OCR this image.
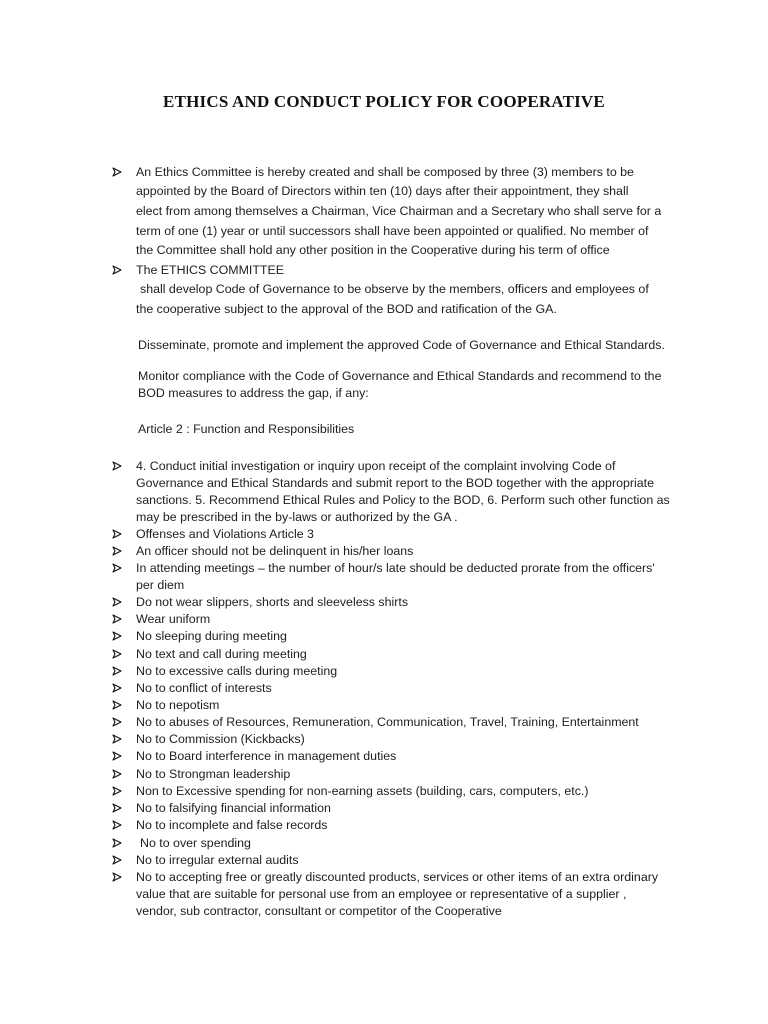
ETHICS AND CONDUCT POLICY FOR COOPERATIVE
An Ethics Committee is hereby created and shall be composed by three (3) members to be
appointed by the Board of Directors within ten (10) days after their appointment, they shall
elect from among themselves a Chairman, Vice Chairman and a Secretary who shall serve for a
term of one (1) year or until successors shall have been appointed or qualified. No member of
the Committee shall hold any other position in the Cooperative during his term of office
The ETHICS COMMITTEE
shall develop Code of Governance to be observe by the members, officers and employees of
the cooperative subject to the approval of the BOD and ratification of the GA.
Disseminate, promote and implement the approved Code of Governance and Ethical Standards.
Monitor compliance with the Code of Governance and Ethical Standards and recommend to the
BOD measures to address the gap, if any:
Article 2 : Function and Responsibilities
4. Conduct initial investigation or inquiry upon receipt of the complaint involving Code of
Governance and Ethical Standards and submit report to the BOD together with the appropriate
sanctions. 5. Recommend Ethical Rules and Policy to the BOD, 6. Perform such other function as
may be prescribed in the by-laws or authorized by the GA .
Offenses and Violations Article 3
An officer should not be delinquent in his/her loans
In attending meetings – the number of hour/s late should be deducted prorate from the officers'
per diem
Do not wear slippers, shorts and sleeveless shirts
Wear uniform
No sleeping during meeting
No text and call during meeting
No to excessive calls during meeting
No to conflict of interests
No to nepotism
No to abuses of Resources, Remuneration, Communication, Travel, Training, Entertainment
No to Commission (Kickbacks)
No to Board interference in management duties
No to Strongman leadership
Non to Excessive spending for non-earning assets (building, cars, computers, etc.)
No to falsifying financial information
No to incomplete and false records
No to over spending
No to irregular external audits
No to accepting free or greatly discounted products, services or other items of an extra ordinary
value that are suitable for personal use from an employee or representative of a supplier ,
vendor, sub contractor, consultant or competitor of the Cooperative
